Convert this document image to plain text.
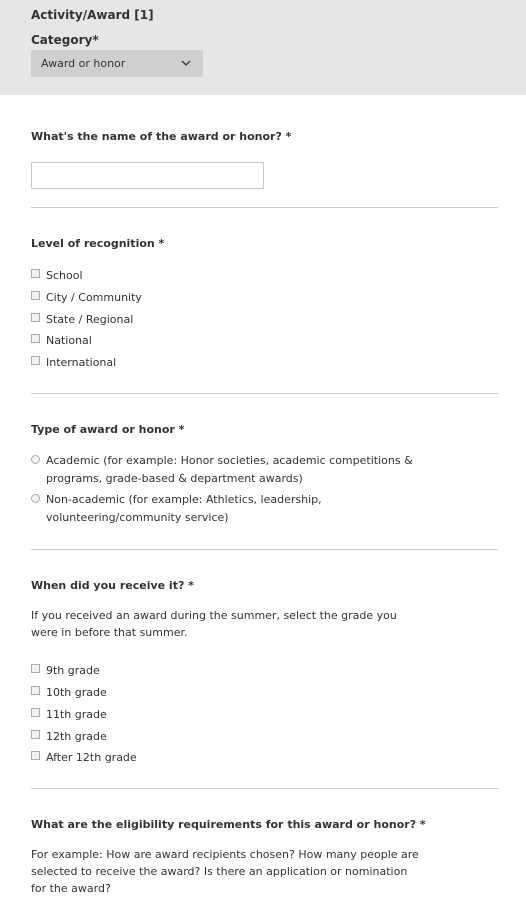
Activity/Award [1]
Category*
Award or honor
What's the name of the award or honor? *
Level of recognition *
School
City / Community
State / Regional
National
International
Type of award or honor *
Academic (for example: Honor societies, academic competitions &
programs, grade-based & department awards)
Non-academic (for example: Athletics, leadership,
volunteering/community service)
When did you receive it? *
If you received an award during the summer, select the grade you
were in before that summer.
9th grade
10th grade
11th grade
12th grade
After 12th grade
What are the eligibility requirements for this award or honor? *
For example: How are award recipients chosen? How many people are
selected to receive the award? Is there an application or nomination
for the award?
